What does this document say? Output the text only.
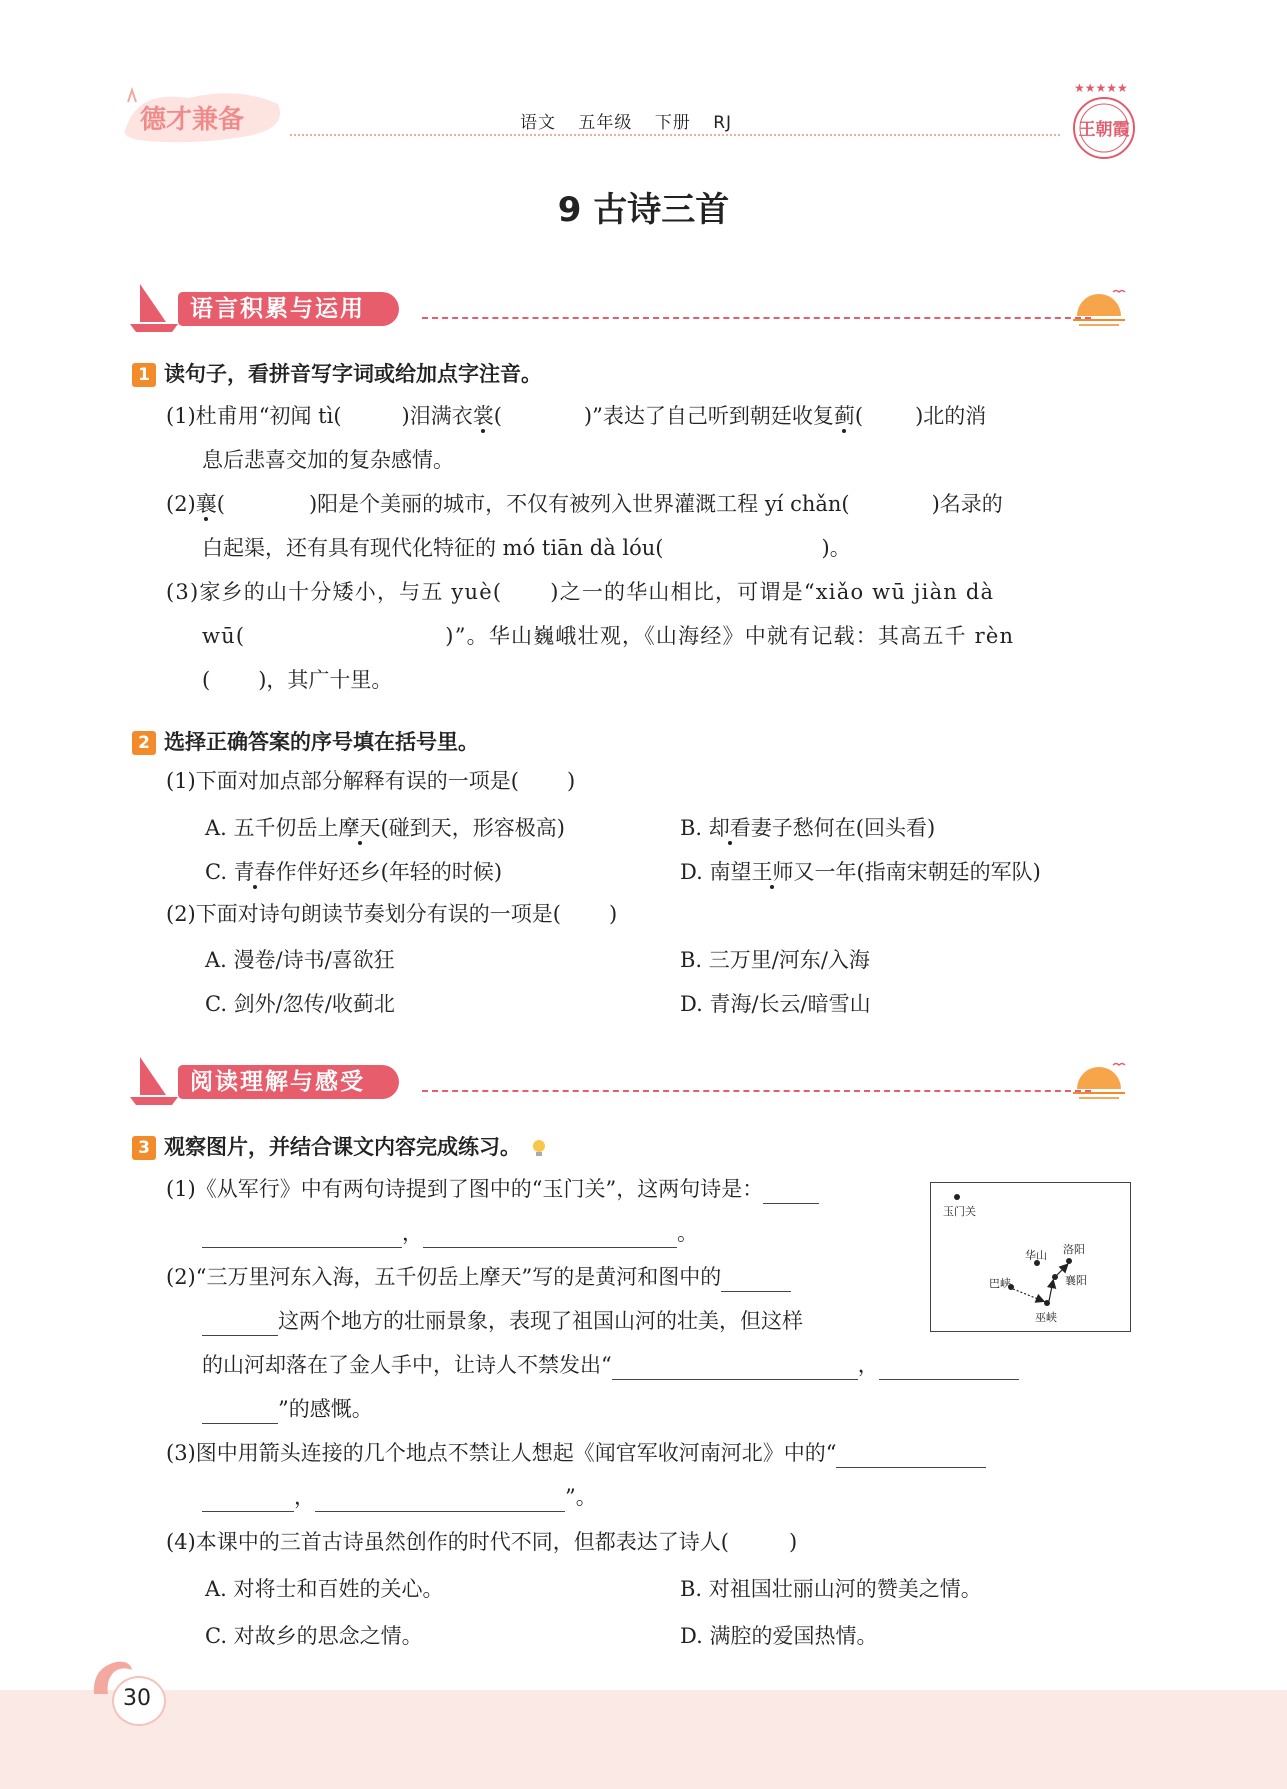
德才兼备	语文 五年级 下册 RJ
★★★★★
王朝霞
9 古诗三首
语言积累与运用
1 读句子，看拼音写字词或给加点字注音。
(1)杜甫用“初闻 tì(	)泪满衣裳(	)”表达了自己听到朝廷收复蓟( )北的消
息后悲喜交加的复杂感情。
(2)襄(	)阳是个美丽的城市，不仅有被列入世界灌溉工程 yí chǎn(	)名录的
白起渠，还有具有现代化特征的 mó tiān dà lóu(	)。
(3)家乡的山十分矮小，与五 yuè( )之一的华山相比，可谓是“xiǎo wū jiàn dà
wū(	)”。华山巍峨壮观，《山海经》中就有记载：其高五千 rèn
( )，其广十里。
2 选择正确答案的序号填在括号里。
(1)下面对加点部分解释有误的一项是( )
A. 五千仞岳上摩天(碰到天，形容极高)	B. 却看妻子愁何在(回头看)
C. 青春作伴好还乡(年轻的时候)	D. 南望王师又一年(指南宋朝廷的军队)
(2)下面对诗句朗读节奏划分有误的一项是( )
A. 漫卷/诗书/喜欲狂	B. 三万里/河东/入海
C. 剑外/忽传/收蓟北	D. 青海/长云/暗雪山
阅读理解与感受
3 观察图片，并结合课文内容完成练习。
(1)《从军行》中有两句诗提到了图中的“玉门关”，这两句诗是：
，	。
(2)“三万里河东入海，五千仞岳上摩天”写的是黄河和图中的
这两个地方的壮丽景象，表现了祖国山河的壮美，但这样
的山河却落在了金人手中，让诗人不禁发出“	，
”的感慨。
(3)图中用箭头连接的几个地点不禁让人想起《闻官军收河南河北》中的“
，	”。
(4)本课中的三首古诗虽然创作的时代不同，但都表达了诗人(	)
A. 对将士和百姓的关心。	B. 对祖国壮丽山河的赞美之情。
C. 对故乡的思念之情。	D. 满腔的爱国热情。
玉门关
华山 洛阳
巴峡	襄阳
巫峡
30
